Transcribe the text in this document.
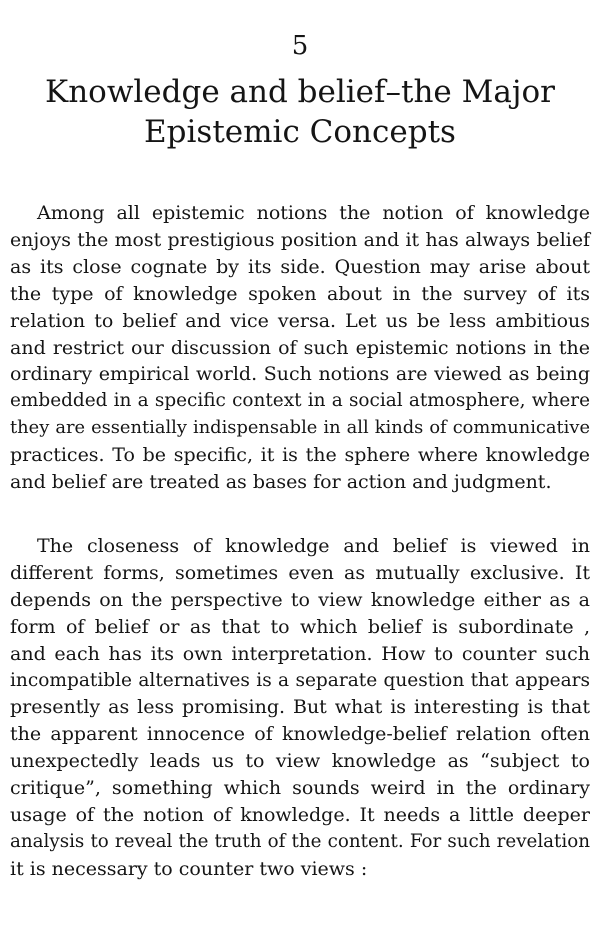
5
Knowledge and belief–the Major
Epistemic Concepts
Among all epistemic notions the notion of knowledge
enjoys the most prestigious position and it has always belief
as its close cognate by its side. Question may arise about
the type of knowledge spoken about in the survey of its
relation to belief and vice versa. Let us be less ambitious
and restrict our discussion of such epistemic notions in the
ordinary empirical world. Such notions are viewed as being
embedded in a specific context in a social atmosphere, where
they are essentially indispensable in all kinds of communicative
practices. To be specific, it is the sphere where knowledge
and belief are treated as bases for action and judgment.
The closeness of knowledge and belief is viewed in
different forms, sometimes even as mutually exclusive. It
depends on the perspective to view knowledge either as a
form of belief or as that to which belief is subordinate ,
and each has its own interpretation. How to counter such
incompatible alternatives is a separate question that appears
presently as less promising. But what is interesting is that
the apparent innocence of knowledge-belief relation often
unexpectedly leads us to view knowledge as “subject to
critique”, something which sounds weird in the ordinary
usage of the notion of knowledge. It needs a little deeper
analysis to reveal the truth of the content. For such revelation
it is necessary to counter two views :
